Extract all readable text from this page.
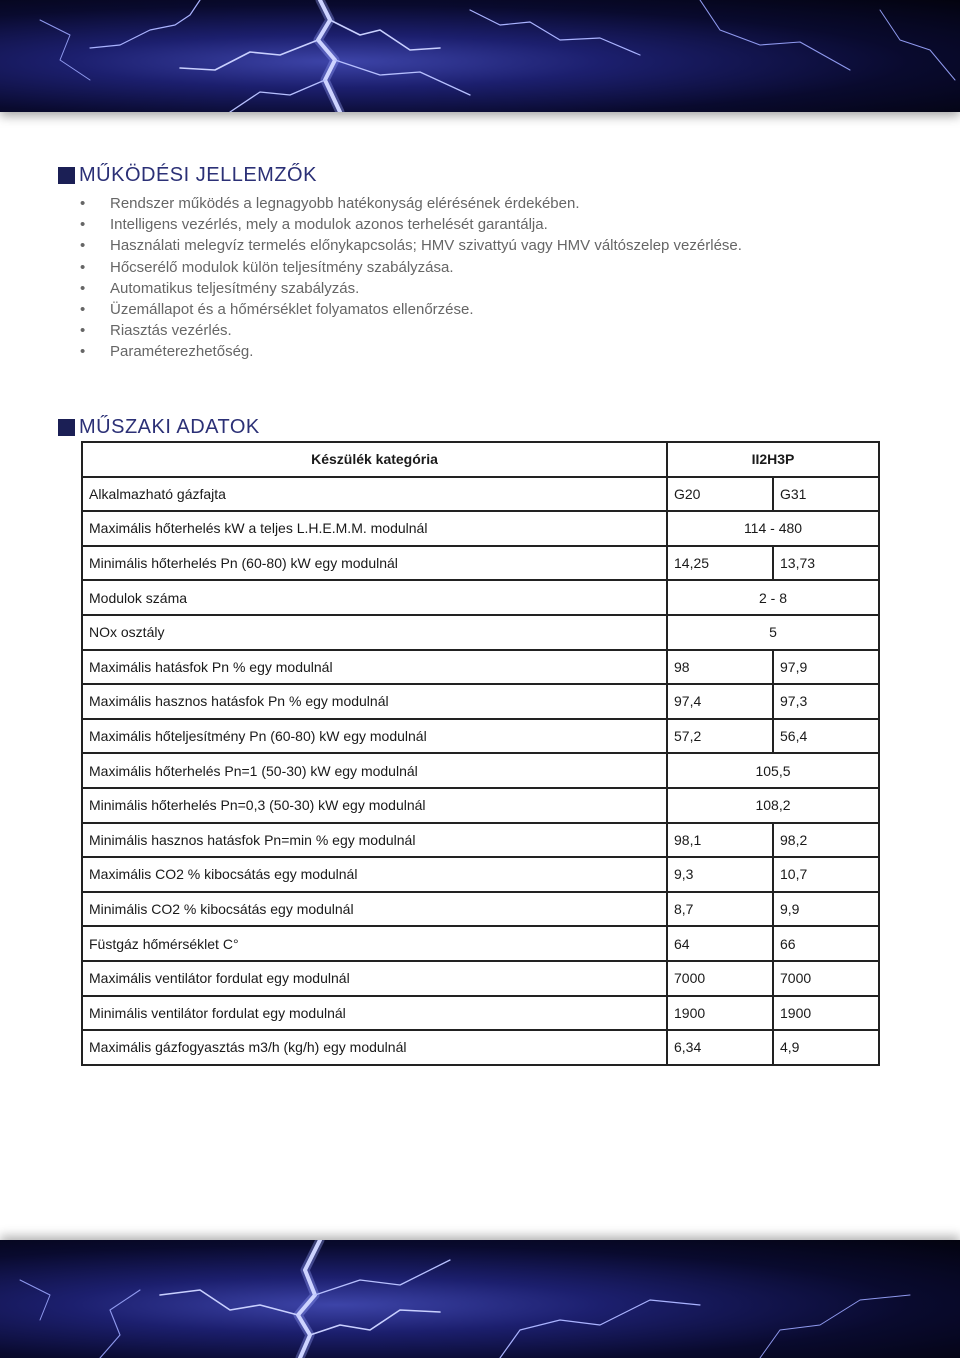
MŰKÖDÉSI JELLEMZŐK
• Rendszer működés a legnagyobb hatékonyság elérésének érdekében.
• Intelligens vezérlés, mely a modulok azonos terhelését garantálja.
• Használati melegvíz termelés előnykapcsolás; HMV szivattyú vagy HMV váltószelep vezérlése.
• Hőcserélő modulok külön teljesítmény szabályzása.
• Automatikus teljesítmény szabályzás.
• Üzemállapot és a hőmérséklet folyamatos ellenőrzése.
• Riasztás vezérlés.
• Paraméterezhetőség.
MŰSZAKI ADATOK
Készülék kategória	II2H3P	
Alkalmazható gázfajta	G20	G31
Maximális hőterhelés kW a teljes L.H.E.M.M. modulnál	114 - 480	
Minimális hőterhelés Pn (60-80) kW egy modulnál	14,25	13,73
Modulok száma	2 - 8	
NOx osztály	5	
Maximális hatásfok Pn % egy modulnál	98	97,9
Maximális hasznos hatásfok Pn % egy modulnál	97,4	97,3
Maximális hőteljesítmény Pn (60-80) kW egy modulnál	57,2	56,4
Maximális hőterhelés Pn=1 (50-30) kW egy modulnál	105,5	
Minimális hőterhelés Pn=0,3 (50-30) kW egy modulnál	108,2	
Minimális hasznos hatásfok Pn=min % egy modulnál	98,1	98,2
Maximális CO2 % kibocsátás egy modulnál	9,3	10,7
Minimális CO2 % kibocsátás egy modulnál	8,7	9,9
Füstgáz hőmérséklet C°	64	66
Maximális ventilátor fordulat egy modulnál	7000	7000
Minimális ventilátor fordulat egy modulnál	1900	1900
Maximális gázfogyasztás m3/h (kg/h) egy modulnál	6,34	4,9
